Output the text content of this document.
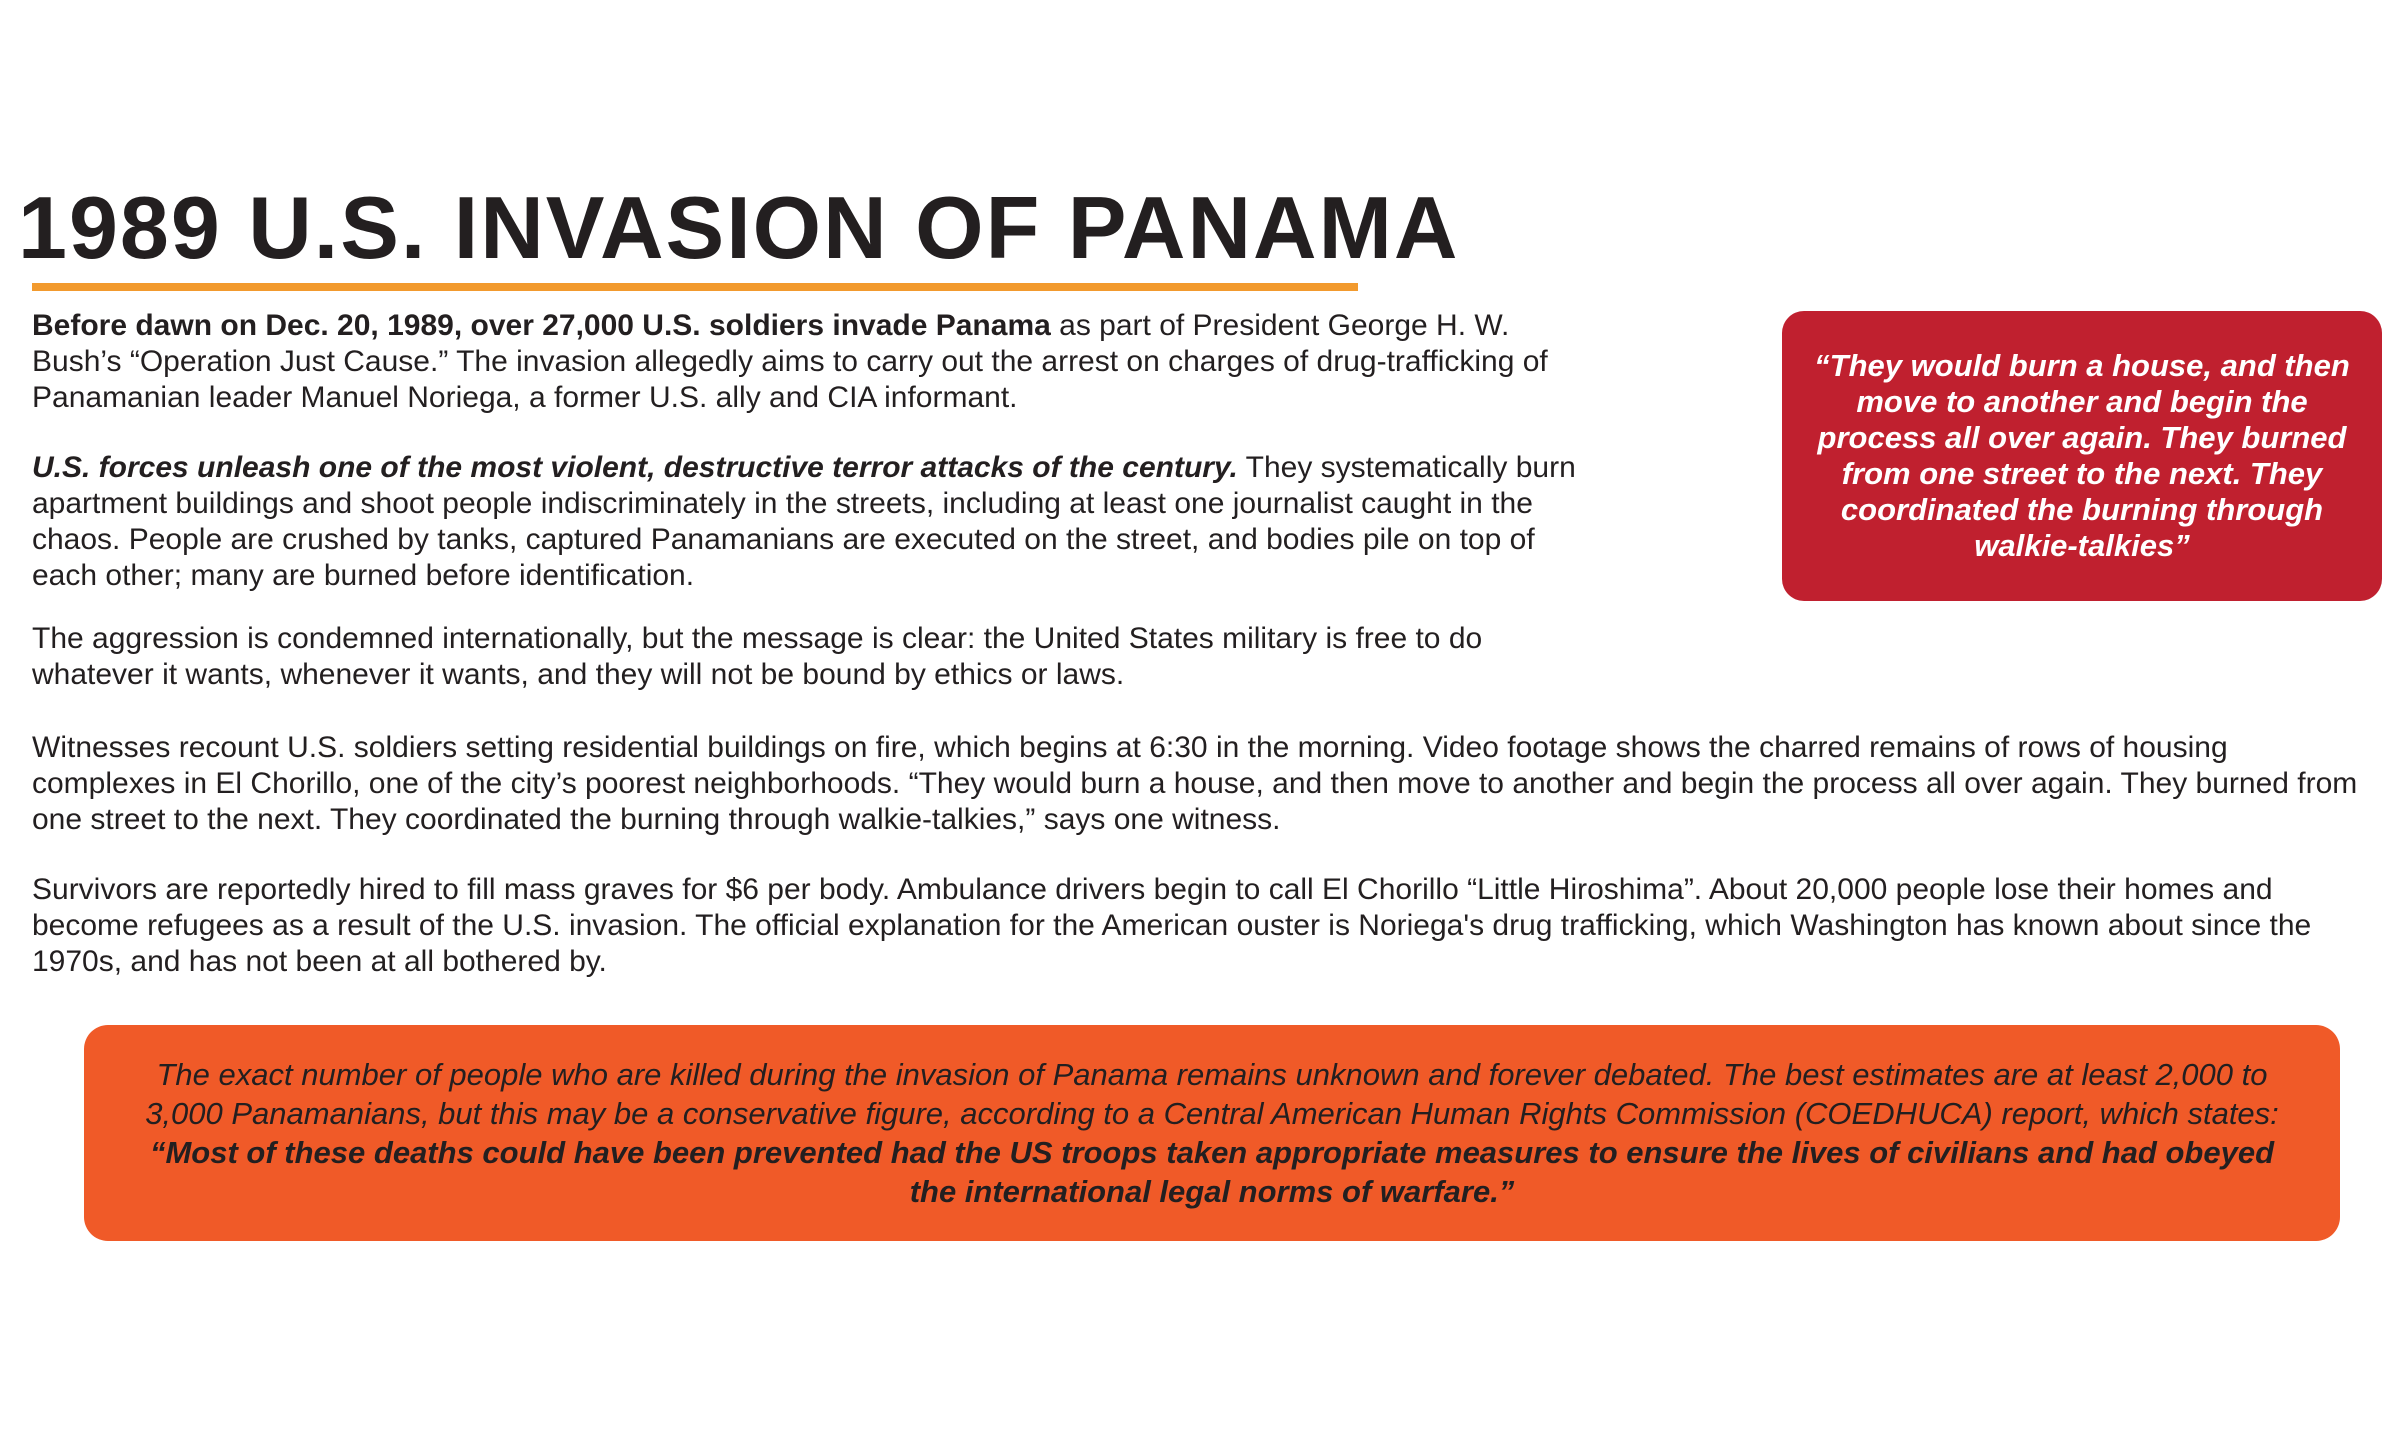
1989 U.S. INVASION OF PANAMA

Before dawn on Dec. 20, 1989, over 27,000 U.S. soldiers invade Panama as part of President George H. W. Bush’s “Operation Just Cause.” The invasion allegedly aims to carry out the arrest on charges of drug-trafficking of Panamanian leader Manuel Noriega, a former U.S. ally and CIA informant.

U.S. forces unleash one of the most violent, destructive terror attacks of the century. They systematically burn apartment buildings and shoot people indiscriminately in the streets, including at least one journalist caught in the chaos. People are crushed by tanks, captured Panamanians are executed on the street, and bodies pile on top of each other; many are burned before identification.

The aggression is condemned internationally, but the message is clear: the United States military is free to do whatever it wants, whenever it wants, and they will not be bound by ethics or laws.

Witnesses recount U.S. soldiers setting residential buildings on fire, which begins at 6:30 in the morning. Video footage shows the charred remains of rows of housing complexes in El Chorillo, one of the city’s poorest neighborhoods. “They would burn a house, and then move to another and begin the process all over again. They burned from one street to the next. They coordinated the burning through walkie-talkies,” says one witness.

Survivors are reportedly hired to fill mass graves for $6 per body. Ambulance drivers begin to call El Chorillo “Little Hiroshima”. About 20,000 people lose their homes and become refugees as a result of the U.S. invasion. The official explanation for the American ouster is Noriega's drug trafficking, which Washington has known about since the 1970s, and has not been at all bothered by.

“They would burn a house, and then move to another and begin the process all over again. They burned from one street to the next. They coordinated the burning through walkie-talkies”

The exact number of people who are killed during the invasion of Panama remains unknown and forever debated. The best estimates are at least 2,000 to 3,000 Panamanians, but this may be a conservative figure, according to a Central American Human Rights Commission (COEDHUCA) report, which states: “Most of these deaths could have been prevented had the US troops taken appropriate measures to ensure the lives of civilians and had obeyed the international legal norms of warfare.”
